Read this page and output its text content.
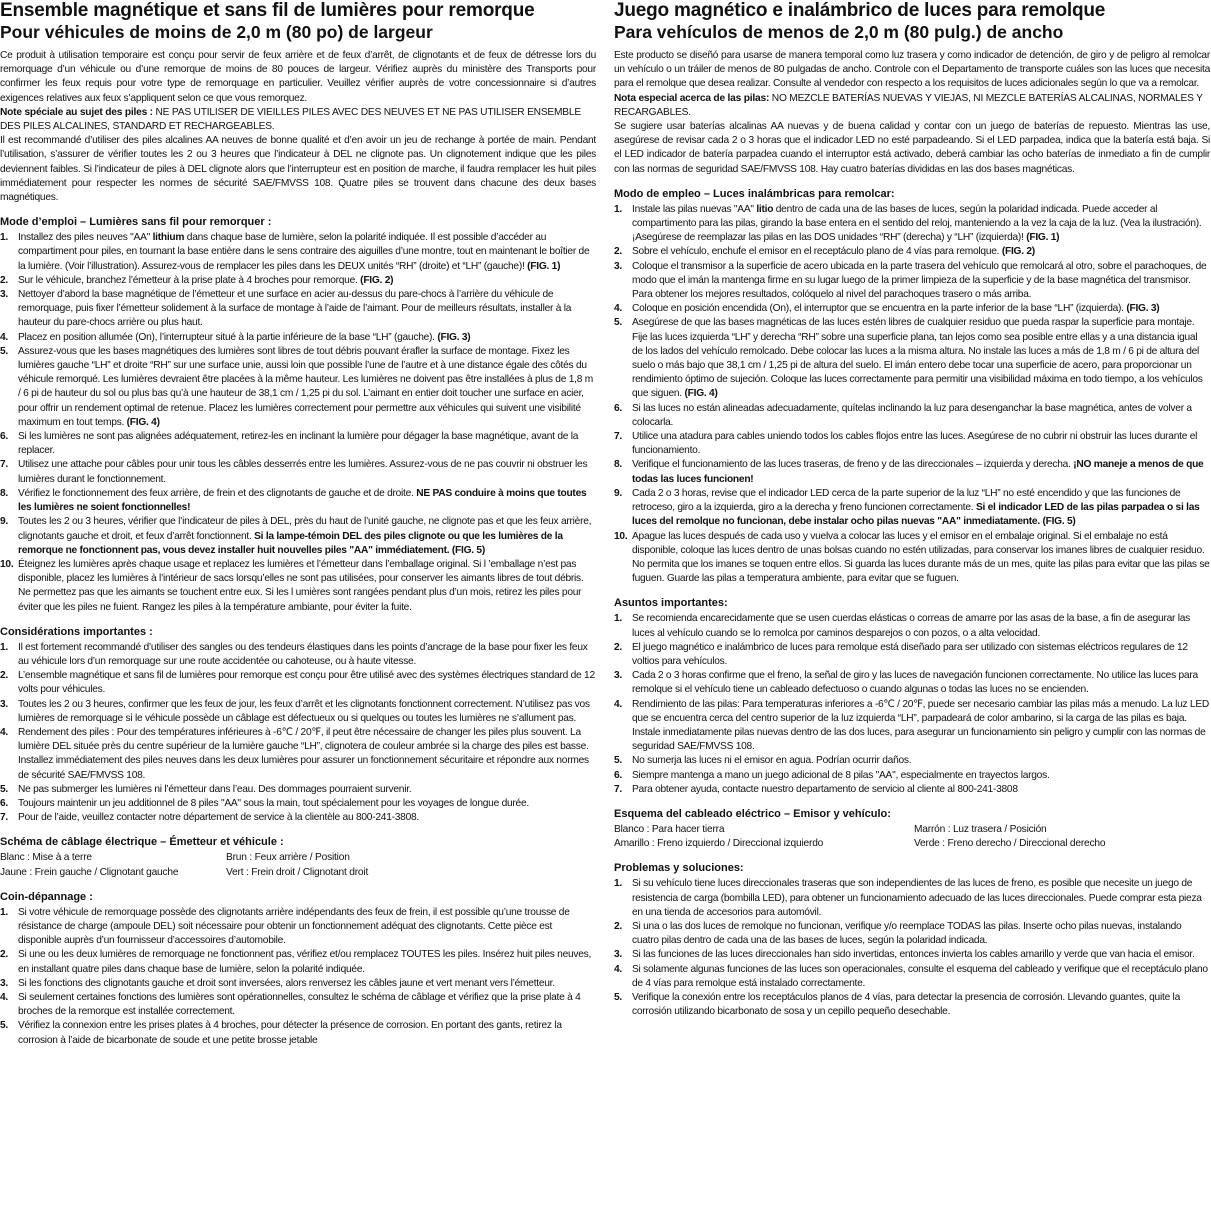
Ensemble magnétique et sans fil de lumières pour remorque
Pour véhicules de moins de 2,0 m (80 po) de largeur

Ce produit à utilisation temporaire est conçu pour servir de feux arrière et de feux d’arrêt, de clignotants et de feux de détresse lors du remorquage d’un véhicule ou d’une remorque de moins de 80 pouces de largeur. Vérifiez auprès du ministère des Transports pour confirmer les feux requis pour votre type de remorquage en particulier. Veuillez vérifier auprès de votre concessionnaire si d’autres exigences relatives aux feux s’appliquent selon ce que vous remorquez.

Note spéciale au sujet des piles : NE PAS UTILISER DE VIEILLES PILES AVEC DES NEUVES ET NE PAS UTILISER ENSEMBLE DES PILES ALCALINES, STANDARD ET RECHARGEABLES.

Il est recommandé d’utiliser des piles alcalines AA neuves de bonne qualité et d’en avoir un jeu de rechange à portée de main. Pendant l’utilisation, s’assurer de vérifier toutes les 2 ou 3 heures que l’indicateur à DEL ne clignote pas. Un clignotement indique que les piles deviennent faibles. Si l’indicateur de piles à DEL clignote alors que l’interrupteur est en position de marche, il faudra remplacer les huit piles immédiatement pour respecter les normes de sécurité SAE/FMVSS 108. Quatre piles se trouvent dans chacune des deux bases magnétiques.

Mode d’emploi – Lumières sans fil pour remorquer :
1. Installez des piles neuves "AA" lithium dans chaque base de lumière, selon la polarité indiquée. Il est possible d’accéder au compartiment pour piles, en tournant la base entière dans le sens contraire des aiguilles d’une montre, tout en maintenant le boîtier de la lumière. (Voir l’illustration). Assurez-vous de remplacer les piles dans les DEUX unités “RH” (droite) et “LH” (gauche)! (FIG. 1)
2. Sur le véhicule, branchez l’émetteur à la prise plate à 4 broches pour remorque. (FIG. 2)
3. Nettoyer d’abord la base magnétique de l’émetteur et une surface en acier au-dessus du pare-chocs à l’arrière du véhicule de remorquage, puis fixer l’émetteur solidement à la surface de montage à l’aide de l’aimant. Pour de meilleurs résultats, installer à la hauteur du pare-chocs arrière ou plus haut.
4. Placez en position allumée (On), l’interrupteur situé à la partie inférieure de la base “LH” (gauche). (FIG. 3)
5. Assurez-vous que les bases magnétiques des lumières sont libres de tout débris pouvant érafler la surface de montage. Fixez les lumières gauche “LH” et droite “RH” sur une surface unie, aussi loin que possible l’une de l’autre et à une distance égale des côtés du véhicule remorqué. Les lumières devraient être placées à la même hauteur. Les lumières ne doivent pas être installées à plus de 1,8 m / 6 pi de hauteur du sol ou plus bas qu’à une hauteur de 38,1 cm / 1,25 pi du sol. L’aimant en entier doit toucher une surface en acier, pour offrir un rendement optimal de retenue. Placez les lumières correctement pour permettre aux véhicules qui suivent une visibilité maximum en tout temps. (FIG. 4)
6. Si les lumières ne sont pas alignées adéquatement, retirez-les en inclinant la lumière pour dégager la base magnétique, avant de la replacer.
7. Utilisez une attache pour câbles pour unir tous les câbles desserrés entre les lumières. Assurez-vous de ne pas couvrir ni obstruer les lumières durant le fonctionnement.
8. Vérifiez le fonctionnement des feux arrière, de frein et des clignotants de gauche et de droite. NE PAS conduire à moins que toutes les lumières ne soient fonctionnelles!
9. Toutes les 2 ou 3 heures, vérifier que l’indicateur de piles à DEL, près du haut de l’unité gauche, ne clignote pas et que les feux arrière, clignotants gauche et droit, et feux d’arrêt fonctionnent. Si la lampe-témoin DEL des piles clignote ou que les lumières de la remorque ne fonctionnent pas, vous devez installer huit nouvelles piles "AA" immédiatement. (FIG. 5)
10. Éteignez les lumières après chaque usage et replacez les lumières et l’émetteur dans l’emballage original. Si l ’emballage n’est pas disponible, placez les lumières à l’intérieur de sacs lorsqu’elles ne sont pas utilisées, pour conserver les aimants libres de tout débris. Ne permettez pas que les aimants se touchent entre eux. Si les l umières sont rangées pendant plus d’un mois, retirez les piles pour éviter que les piles ne fuient. Rangez les piles à la température ambiante, pour éviter la fuite.
Considérations importantes :
1. Il est fortement recommandé d’utiliser des sangles ou des tendeurs élastiques dans les points d’ancrage de la base pour fixer les feux au véhicule lors d’un remorquage sur une route accidentée ou cahoteuse, ou à haute vitesse.
2. L’ensemble magnétique et sans fil de lumières pour remorque est conçu pour être utilisé avec des systèmes électriques standard de 12 volts pour véhicules.
3. Toutes les 2 ou 3 heures, confirmer que les feux de jour, les feux d’arrêt et les clignotants fonctionnent correctement. N’utilisez pas vos lumières de remorquage si le véhicule possède un câblage est défectueux ou si quelques ou toutes les lumières ne s’allument pas.
4. Rendement des piles : Pour des températures inférieures à -6℃ / 20℉, il peut être nécessaire de changer les piles plus souvent. La lumière DEL située près du centre supérieur de la lumière gauche “LH”, clignotera de couleur ambrée si la charge des piles est basse. Installez immédiatement des piles neuves dans les deux lumières pour assurer un fonctionnement sécuritaire et répondre aux normes de sécurité SAE/FMVSS 108.
5. Ne pas submerger les lumières ni l’émetteur dans l’eau. Des dommages pourraient survenir.
6. Toujours maintenir un jeu additionnel de 8 piles "AA" sous la main, tout spécialement pour les voyages de longue durée.
7. Pour de l’aide, veuillez contacter notre département de service à la clientèle au 800-241-3808.
Schéma de câblage électrique – Émetteur et véhicule :
Blanc : Mise à a terre	Brun : Feux arrière / Position
Jaune : Frein gauche / Clignotant gauche	Vert : Frein droit / Clignotant droit
Coin-dépannage :
1. Si votre véhicule de remorquage possède des clignotants arrière indépendants des feux de frein, il est possible qu’une trousse de résistance de charge (ampoule DEL) soit nécessaire pour obtenir un fonctionnement adéquat des clignotants. Cette pièce est disponible auprès d’un fournisseur d’accessoires d’automobile.
2. Si une ou les deux lumières de remorquage ne fonctionnent pas, vérifiez et/ou remplacez TOUTES les piles. Insérez huit piles neuves, en installant quatre piles dans chaque base de lumière, selon la polarité indiquée.
3. Si les fonctions des clignotants gauche et droit sont inversées, alors renversez les câbles jaune et vert menant vers l’émetteur.
4. Si seulement certaines fonctions des lumières sont opérationnelles, consultez le schéma de câblage et vérifiez que la prise plate à 4 broches de la remorque est installée correctement.
5. Vérifiez la connexion entre les prises plates à 4 broches, pour détecter la présence de corrosion. En portant des gants, retirez la corrosion à l’aide de bicarbonate de soude et une petite brosse jetable
Juego magnético e inalámbrico de luces para remolque
Para vehículos de menos de 2,0 m (80 pulg.) de ancho

Este producto se diseñó para usarse de manera temporal como luz trasera y como indicador de detención, de giro y de peligro al remolcar un vehículo o un tráiler de menos de 80 pulgadas de ancho. Controle con el Departamento de transporte cuáles son las luces que necesita para el remolque que desea realizar. Consulte al vendedor con respecto a los requisitos de luces adicionales según lo que va a remolcar.

Nota especial acerca de las pilas: NO MEZCLE BATERÍAS NUEVAS Y VIEJAS, NI MEZCLE BATERÍAS ALCALINAS, NORMALES Y RECARGABLES.

Se sugiere usar baterías alcalinas AA nuevas y de buena calidad y contar con un juego de baterías de repuesto. Mientras las use, asegúrese de revisar cada 2 o 3 horas que el indicador LED no esté parpadeando. Si el LED parpadea, indica que la batería está baja. Si el LED indicador de batería parpadea cuando el interruptor está activado, deberá cambiar las ocho baterías de inmediato a fin de cumplir con las normas de seguridad SAE/FMVSS 108. Hay cuatro baterías divididas en las dos bases magnéticas.

Modo de empleo – Luces inalámbricas para remolcar:
1. Instale las pilas nuevas "AA" litio dentro de cada una de las bases de luces, según la polaridad indicada. Puede acceder al compartimento para las pilas, girando la base entera en el sentido del reloj, manteniendo a la vez la caja de la luz. (Vea la ilustración). ¡Asegúrese de reemplazar las pilas en las DOS unidades “RH” (derecha) y “LH” (izquierda)! (FIG. 1)
2. Sobre el vehículo, enchufe el emisor en el receptáculo plano de 4 vías para remolque. (FIG. 2)
3. Coloque el transmisor a la superficie de acero ubicada en la parte trasera del vehículo que remolcará al otro, sobre el parachoques, de modo que el imán la mantenga firme en su lugar luego de la primer limpieza de la superficie y de la base magnética del transmisor. Para obtener los mejores resultados, colóquelo al nivel del parachoques trasero o más arriba.
4. Coloque en posición encendida (On), el interruptor que se encuentra en la parte inferior de la base “LH” (izquierda). (FIG. 3)
5. Asegúrese de que las bases magnéticas de las luces estén libres de cualquier residuo que pueda raspar la superficie para montaje. Fije las luces izquierda “LH” y derecha “RH” sobre una superficie plana, tan lejos como sea posible entre ellas y a una distancia igual de los lados del vehículo remolcado. Debe colocar las luces a la misma altura. No instale las luces a más de 1,8 m / 6 pi de altura del suelo o más bajo que 38,1 cm / 1,25 pi de altura del suelo. El imán entero debe tocar una superficie de acero, para proporcionar un rendimiento óptimo de sujeción. Coloque las luces correctamente para permitir una visibilidad máxima en todo tiempo, a los vehículos que siguen. (FIG. 4)
6. Si las luces no están alineadas adecuadamente, quítelas inclinando la luz para desenganchar la base magnética, antes de volver a colocarla.
7. Utilice una atadura para cables uniendo todos los cables flojos entre las luces. Asegúrese de no cubrir ni obstruir las luces durante el funcionamiento.
8. Verifique el funcionamiento de las luces traseras, de freno y de las direccionales – izquierda y derecha. ¡NO maneje a menos de que todas las luces funcionen!
9. Cada 2 o 3 horas, revise que el indicador LED cerca de la parte superior de la luz “LH” no esté encendido y que las funciones de retroceso, giro a la izquierda, giro a la derecha y freno funcionen correctamente. Si el indicador LED de las pilas parpadea o si las luces del remolque no funcionan, debe instalar ocho pilas nuevas "AA" inmediatamente. (FIG. 5)
10. Apague las luces después de cada uso y vuelva a colocar las luces y el emisor en el embalaje original. Si el embalaje no está disponible, coloque las luces dentro de unas bolsas cuando no estén utilizadas, para conservar los imanes libres de cualquier residuo. No permita que los imanes se toquen entre ellos. Si guarda las luces durante más de un mes, quite las pilas para evitar que las pilas se fuguen. Guarde las pilas a temperatura ambiente, para evitar que se fuguen.
Asuntos importantes:
1. Se recomienda encarecidamente que se usen cuerdas elásticas o correas de amarre por las asas de la base, a fin de asegurar las luces al vehículo cuando se lo remolca por caminos desparejos o con pozos, o a alta velocidad.
2. El juego magnético e inalámbrico de luces para remolque está diseñado para ser utilizado con sistemas eléctricos regulares de 12 voltios para vehículos.
3. Cada 2 o 3 horas confirme que el freno, la señal de giro y las luces de navegación funcionen correctamente. No utilice las luces para remolque si el vehículo tiene un cableado defectuoso o cuando algunas o todas las luces no se encienden.
4. Rendimiento de las pilas: Para temperaturas inferiores a -6℃ / 20℉, puede ser necesario cambiar las pilas más a menudo. La luz LED que se encuentra cerca del centro superior de la luz izquierda “LH”, parpadeará de color ambarino, si la carga de las pilas es baja. Instale inmediatamente pilas nuevas dentro de las dos luces, para asegurar un funcionamiento sin peligro y cumplir con las normas de seguridad SAE/FMVSS 108.
5. No sumerja las luces ni el emisor en agua. Podrían ocurrir daños.
6. Siempre mantenga a mano un juego adicional de 8 pilas "AA", especialmente en trayectos largos.
7. Para obtener ayuda, contacte nuestro departamento de servicio al cliente al 800-241-3808
Esquema del cableado eléctrico – Emisor y vehículo:
Blanco : Para hacer tierra	Marrón : Luz trasera / Posición
Amarillo : Freno izquierdo / Direccional izquierdo	Verde : Freno derecho / Direccional derecho
Problemas y soluciones:
1. Si su vehículo tiene luces direccionales traseras que son independientes de las luces de freno, es posible que necesite un juego de resistencia de carga (bombilla LED), para obtener un funcionamiento adecuado de las luces direccionales. Puede comprar esta pieza en una tienda de accesorios para automóvil.
2. Si una o las dos luces de remolque no funcionan, verifique y/o reemplace TODAS las pilas. Inserte ocho pilas nuevas, instalando cuatro pilas dentro de cada una de las bases de luces, según la polaridad indicada.
3. Si las funciones de las luces direccionales han sido invertidas, entonces invierta los cables amarillo y verde que van hacia el emisor.
4. Si solamente algunas funciones de las luces son operacionales, consulte el esquema del cableado y verifique que el receptáculo plano de 4 vías para remolque está instalado correctamente.
5. Verifique la conexión entre los receptáculos planos de 4 vías, para detectar la presencia de corrosión. Llevando guantes, quite la corrosión utilizando bicarbonato de sosa y un cepillo pequeño desechable.
